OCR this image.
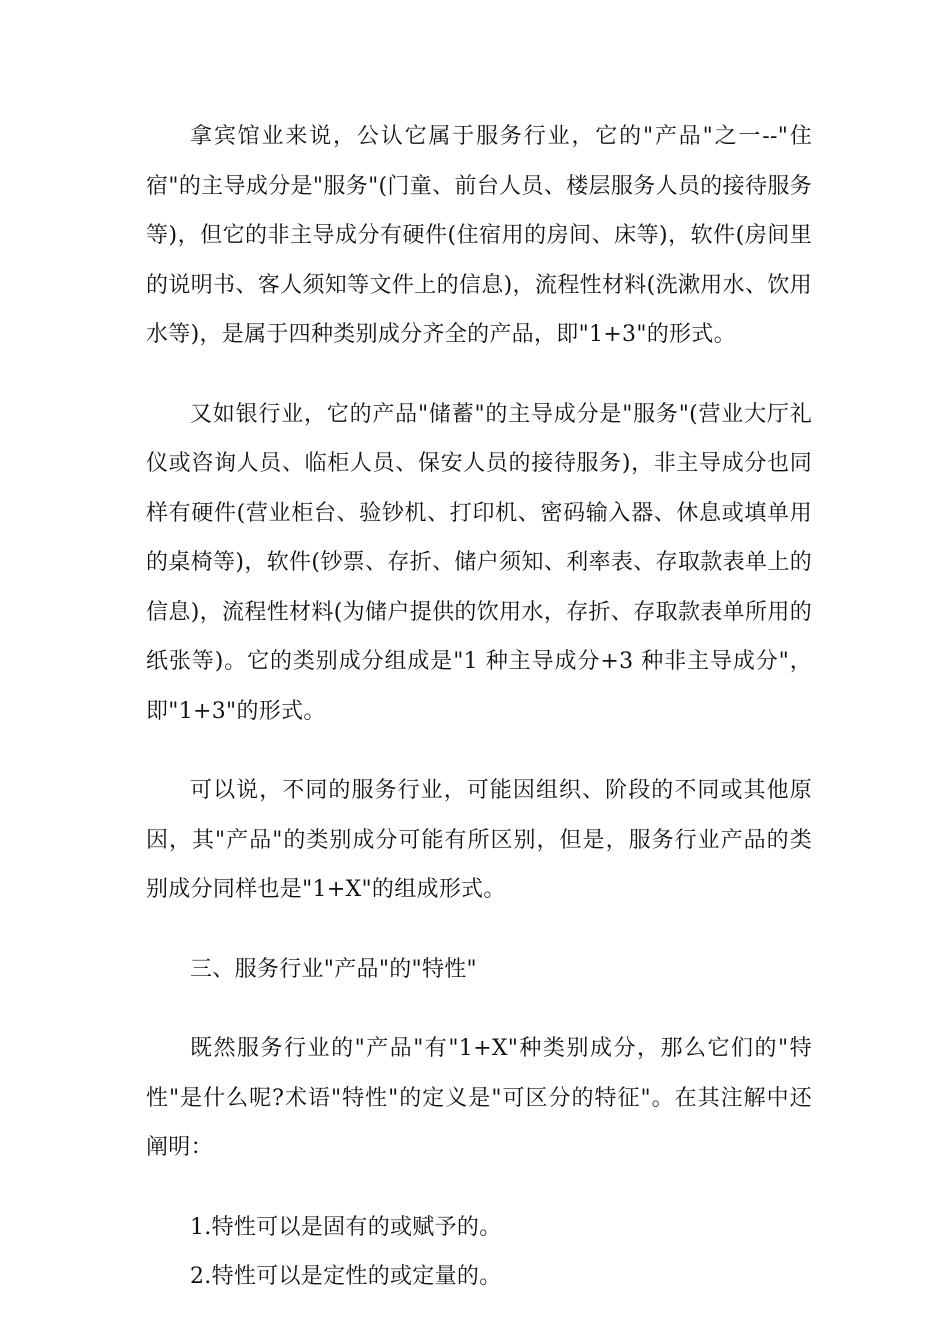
拿宾馆业来说，公认它属于服务行业，它的"产品"之一--"住宿"的主导成分是"服务"(门童、前台人员、楼层服务人员的接待服务等)，但它的非主导成分有硬件(住宿用的房间、床等)，软件(房间里的说明书、客人须知等文件上的信息)，流程性材料(洗漱用水、饮用水等)，是属于四种类别成分齐全的产品，即"1+3"的形式。

又如银行业，它的产品"储蓄"的主导成分是"服务"(营业大厅礼仪或咨询人员、临柜人员、保安人员的接待服务)，非主导成分也同样有硬件(营业柜台、验钞机、打印机、密码输入器、休息或填单用的桌椅等)，软件(钞票、存折、储户须知、利率表、存取款表单上的信息)，流程性材料(为储户提供的饮用水，存折、存取款表单所用的纸张等)。它的类别成分组成是"1 种主导成分+3 种非主导成分"，即"1+3"的形式。

可以说，不同的服务行业，可能因组织、阶段的不同或其他原因，其"产品"的类别成分可能有所区别，但是，服务行业产品的类别成分同样也是"1+X"的组成形式。

三、服务行业"产品"的"特性"

既然服务行业的"产品"有"1+X"种类别成分，那么它们的"特性"是什么呢?术语"特性"的定义是"可区分的特征"。在其注解中还阐明：

1.特性可以是固有的或赋予的。

2.特性可以是定性的或定量的。
